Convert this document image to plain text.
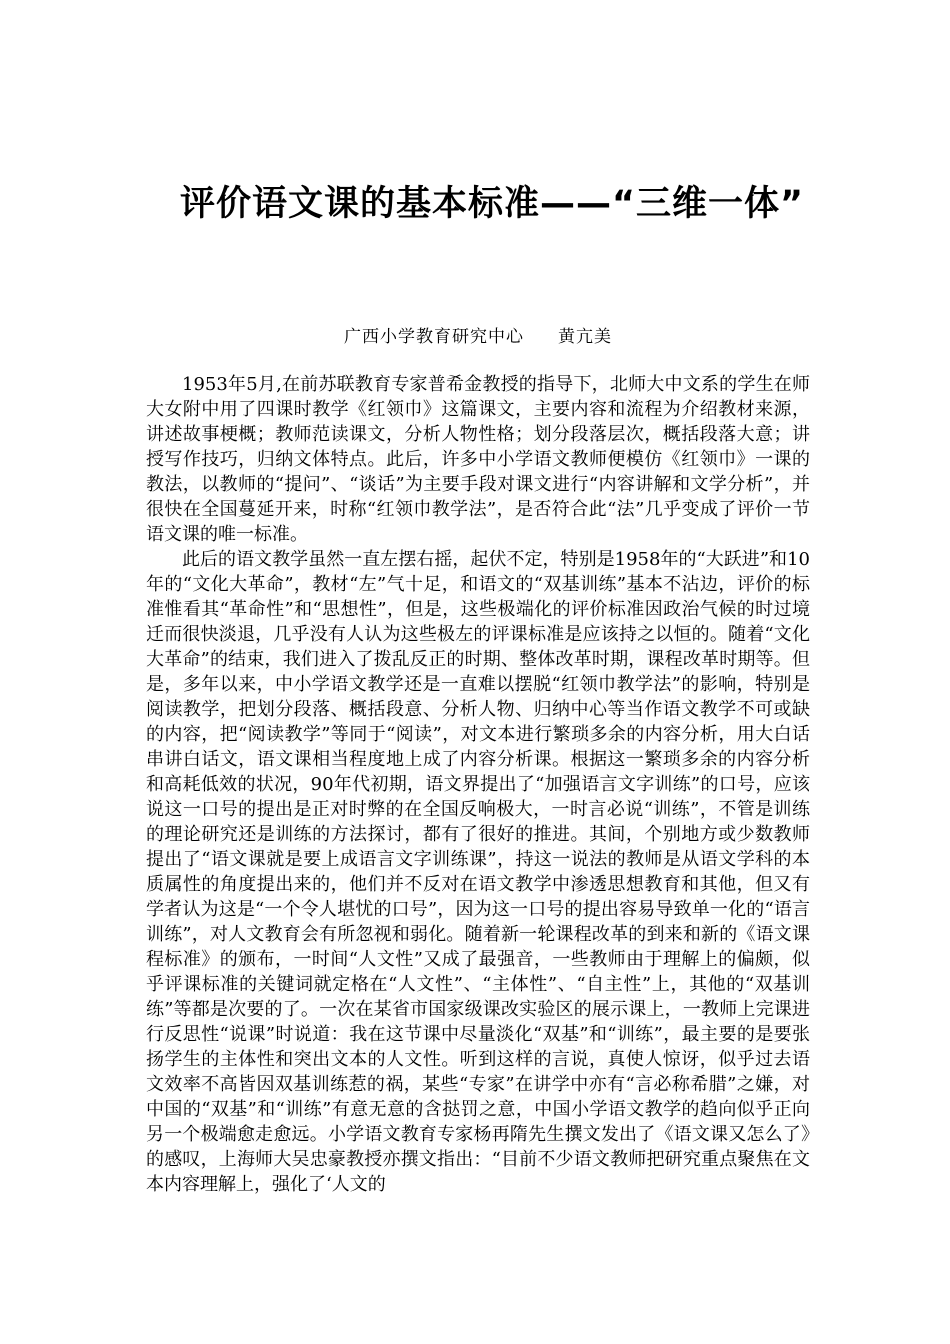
评价语文课的基本标准——“三维一体”

广西小学教育研究中心 黄亢美

1953年5月,在前苏联教育专家普希金教授的指导下，北师大中文系的学生在师大女附中用了四课时教学《红领巾》这篇课文，主要内容和流程为介绍教材来源，讲述故事梗概；教师范读课文，分析人物性格；划分段落层次，概括段落大意；讲授写作技巧，归纳文体特点。此后，许多中小学语文教师便模仿《红领巾》一课的教法，以教师的“提问”、“谈话”为主要手段对课文进行“内容讲解和文学分析”，并很快在全国蔓延开来，时称“红领巾教学法”，是否符合此“法”几乎变成了评价一节语文课的唯一标准。

此后的语文教学虽然一直左摆右摇，起伏不定，特别是1958年的“大跃进”和10年的“文化大革命”，教材“左”气十足，和语文的“双基训练”基本不沾边，评价的标准惟看其“革命性”和“思想性”，但是，这些极端化的评价标准因政治气候的时过境迁而很快淡退，几乎没有人认为这些极左的评课标准是应该持之以恒的。随着“文化大革命”的结束，我们进入了拨乱反正的时期、整体改革时期，课程改革时期等。但是，多年以来，中小学语文教学还是一直难以摆脱“红领巾教学法”的影响，特别是阅读教学，把划分段落、概括段意、分析人物、归纳中心等当作语文教学不可或缺的内容，把“阅读教学”等同于“阅读”，对文本进行繁琐多余的内容分析，用大白话串讲白话文，语文课相当程度地上成了内容分析课。根据这一繁琐多余的内容分析和高耗低效的状况，90年代初期，语文界提出了“加强语言文字训练”的口号，应该说这一口号的提出是正对时弊的在全国反响极大，一时言必说“训练”，不管是训练的理论研究还是训练的方法探讨，都有了很好的推进。其间，个别地方或少数教师提出了“语文课就是要上成语言文字训练课”，持这一说法的教师是从语文学科的本质属性的角度提出来的，他们并不反对在语文教学中渗透思想教育和其他，但又有学者认为这是“一个令人堪忧的口号”，因为这一口号的提出容易导致单一化的“语言训练”，对人文教育会有所忽视和弱化。随着新一轮课程改革的到来和新的《语文课程标准》的颁布，一时间“人文性”又成了最强音，一些教师由于理解上的偏颇，似乎评课标准的关键词就定格在“人文性”、“主体性”、“自主性”上，其他的“双基训练”等都是次要的了。一次在某省市国家级课改实验区的展示课上，一教师上完课进行反思性“说课”时说道：我在这节课中尽量淡化“双基”和“训练”，最主要的是要张扬学生的主体性和突出文本的人文性。听到这样的言说，真使人惊讶，似乎过去语文效率不高皆因双基训练惹的祸，某些“专家”在讲学中亦有“言必称希腊”之嫌，对中国的“双基”和“训练”有意无意的含挞罚之意，中国小学语文教学的趋向似乎正向另一个极端愈走愈远。小学语文教育专家杨再隋先生撰文发出了《语文课又怎么了》的感叹，上海师大吴忠豪教授亦撰文指出：“目前不少语文教师把研究重点聚焦在文本内容理解上，强化了‘人文的
